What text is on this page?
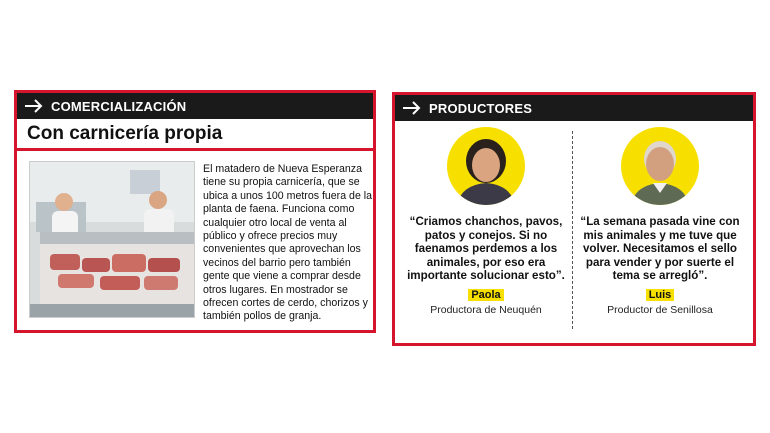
COMERCIALIZACIÓN
Con carnicería propia
El matadero de Nueva Esperanza tiene su propia carnicería, que se ubica a unos 100 metros fuera de la planta de faena. Funciona como cualquier otro local de venta al público y ofrece precios muy convenientes que aprovechan los vecinos del barrio pero también gente que viene a comprar desde otros lugares. En mostrador se ofrecen cortes de cerdo, chorizos y también pollos de granja.
PRODUCTORES
“Criamos chanchos, pavos, patos y conejos. Si no faenamos perdemos a los animales, por eso era importante solucionar esto”.
Paola
Productora de Neuquén
“La semana pasada vine con mis animales y me tuve que volver. Necesitamos el sello para vender y por suerte el tema se arregló”.
Luis
Productor de Senillosa
